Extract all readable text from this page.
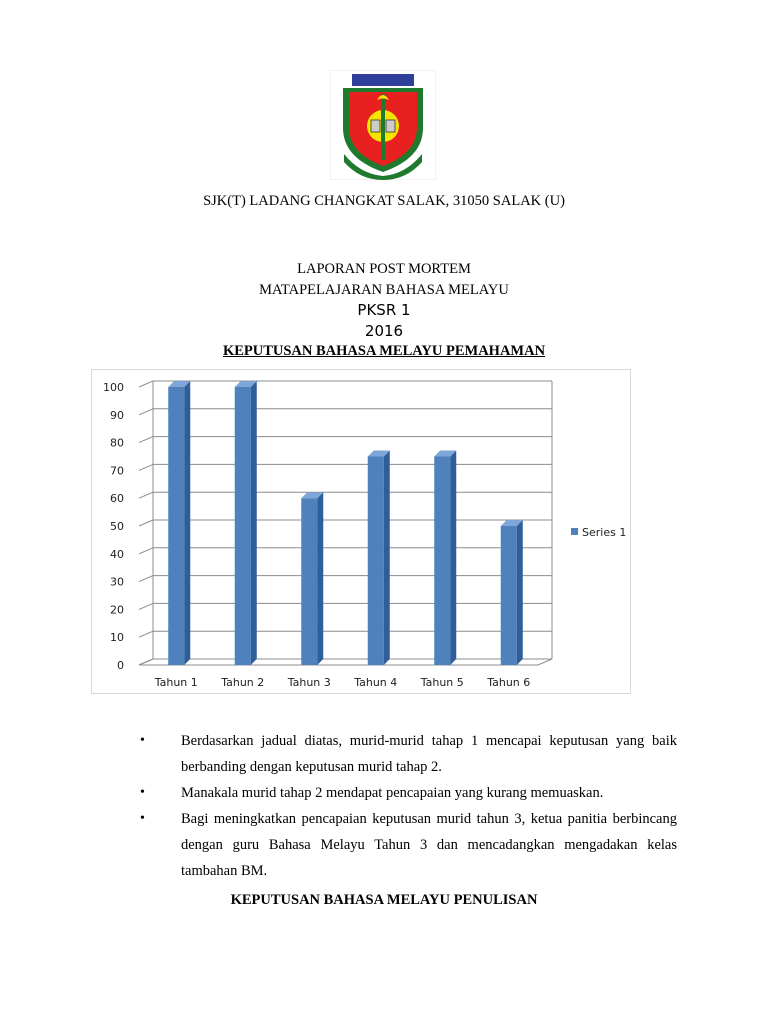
SJK(T) LADANG CHANGKAT SALAK, 31050 SALAK (U)
LAPORAN POST MORTEM
MATAPELAJARAN BAHASA MELAYU
PKSR 1
2016
KEPUTUSAN BAHASA MELAYU PEMAHAMAN
0
10
20
30
40
50
60
70
80
90
100
Tahun 1 Tahun 2 Tahun 3 Tahun 4 Tahun 5 Tahun 6
Series 1
• Berdasarkan jadual diatas, murid-murid tahap 1 mencapai keputusan yang baik berbanding dengan keputusan murid tahap 2.
• Manakala murid tahap 2 mendapat pencapaian yang kurang memuaskan.
• Bagi meningkatkan pencapaian keputusan murid tahun 3, ketua panitia berbincang dengan guru Bahasa Melayu Tahun 3 dan mencadangkan mengadakan kelas tambahan BM.
KEPUTUSAN BAHASA MELAYU PENULISAN
